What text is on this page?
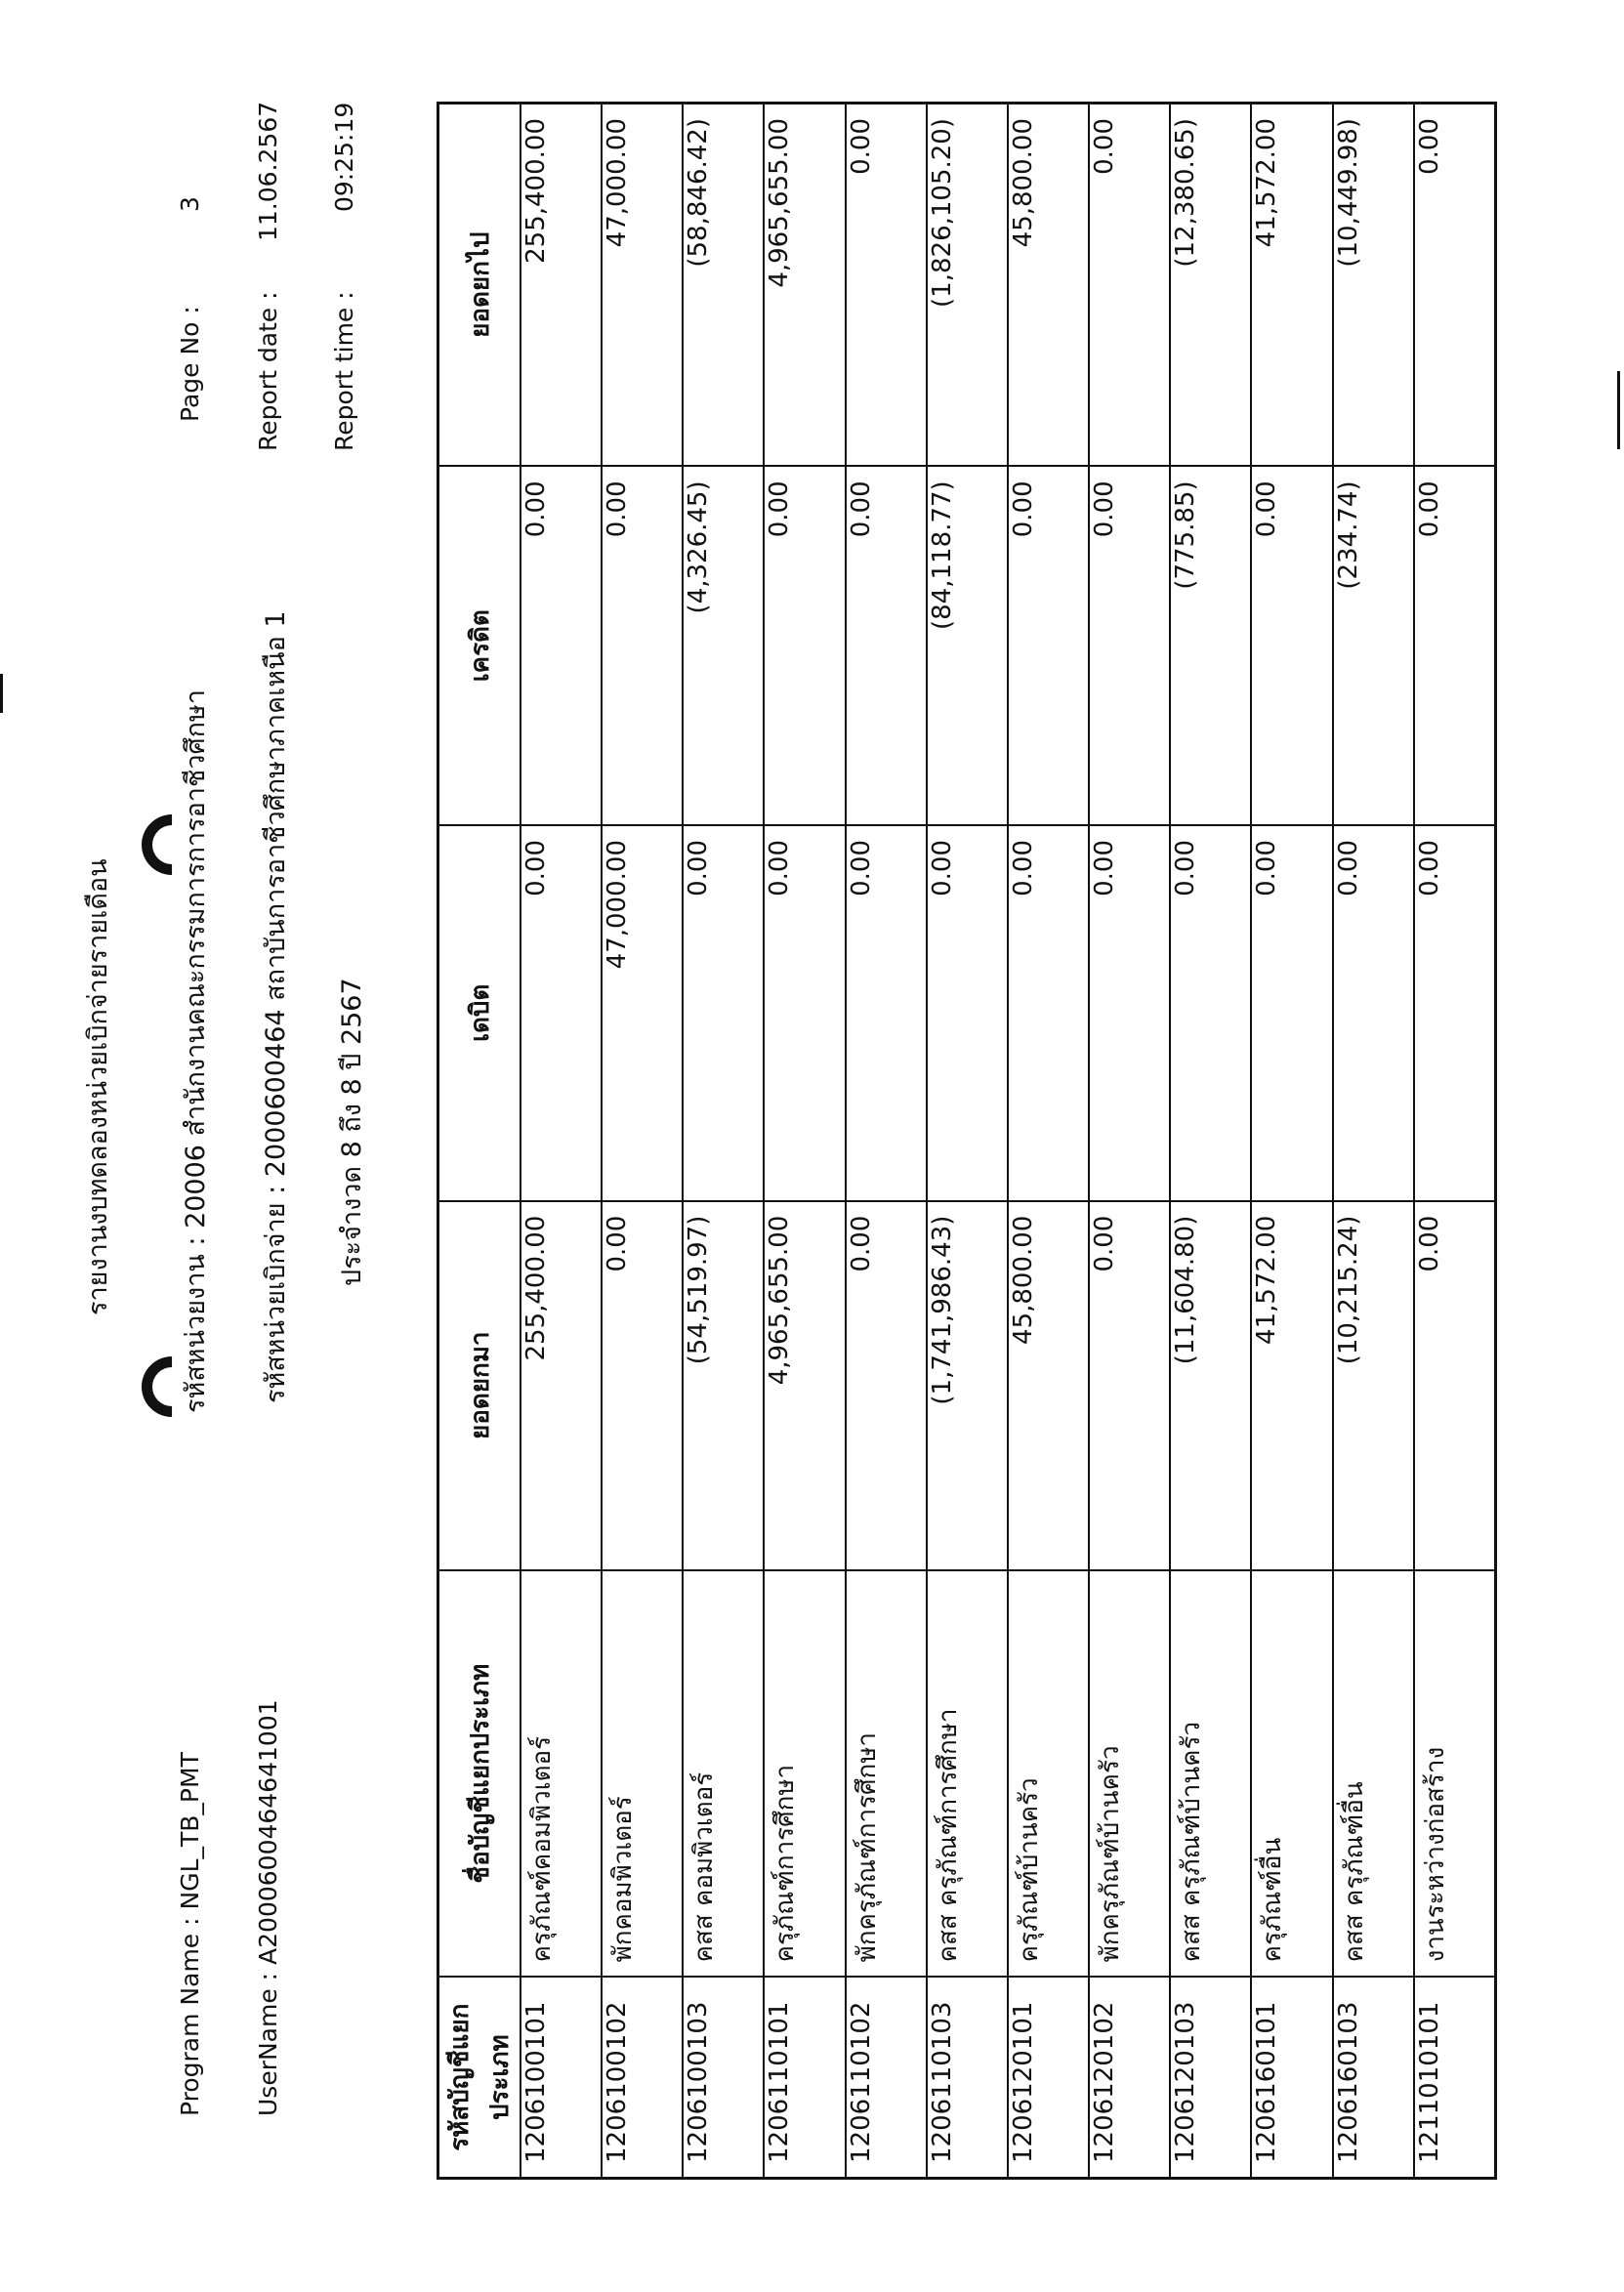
รายงานงบทดลองหน่วยเบิกจ่ายรายเดือน	รหัสหน่วยงาน : 20006 สำนักงานคณะกรรมการการอาชีวศึกษา รหัสหน่วยเบิกจ่าย : 2000600464 สถาบันการอาชีวศึกษาภาคเหนือ 1 ประจำงวด 8 ถึง 8 ปี 2567
Program Name : NGL_TB_PMT UserName : A2000600464641001
Page No :
3
Report date :
11.06.2567
Report time :
09:25:19
รหัสบัญชีแยกประเภท	ชื่อบัญชีแยกประเภท	ยอดยกมา	เดบิต	เครดิต	ยอดยกไป
1206100101	ครุภัณฑ์คอมพิวเตอร์	255,400.00	0.00	0.00	255,400.00
1206100102	พักคอมพิวเตอร์	0.00	47,000.00	0.00	47,000.00
1206100103	คสส คอมพิวเตอร์	(54,519.97)	0.00	(4,326.45)	(58,846.42)
1206110101	ครุภัณฑ์การศึกษา	4,965,655.00	0.00	0.00	4,965,655.00
1206110102	พักครุภัณฑ์การศึกษา	0.00	0.00	0.00	0.00
1206110103	คสส ครุภัณฑ์การศึกษา	(1,741,986.43)	0.00	(84,118.77)	(1,826,105.20)
1206120101	ครุภัณฑ์บ้านครัว	45,800.00	0.00	0.00	45,800.00
1206120102	พักครุภัณฑ์บ้านครัว	0.00	0.00	0.00	0.00
1206120103	คสส ครุภัณฑ์บ้านครัว	(11,604.80)	0.00	(775.85)	(12,380.65)
1206160101	ครุภัณฑ์อื่น	41,572.00	0.00	0.00	41,572.00
1206160103	คสส ครุภัณฑ์อื่น	(10,215.24)	0.00	(234.74)	(10,449.98)
1211010101	งานระหว่างก่อสร้าง	0.00	0.00	0.00	0.00
